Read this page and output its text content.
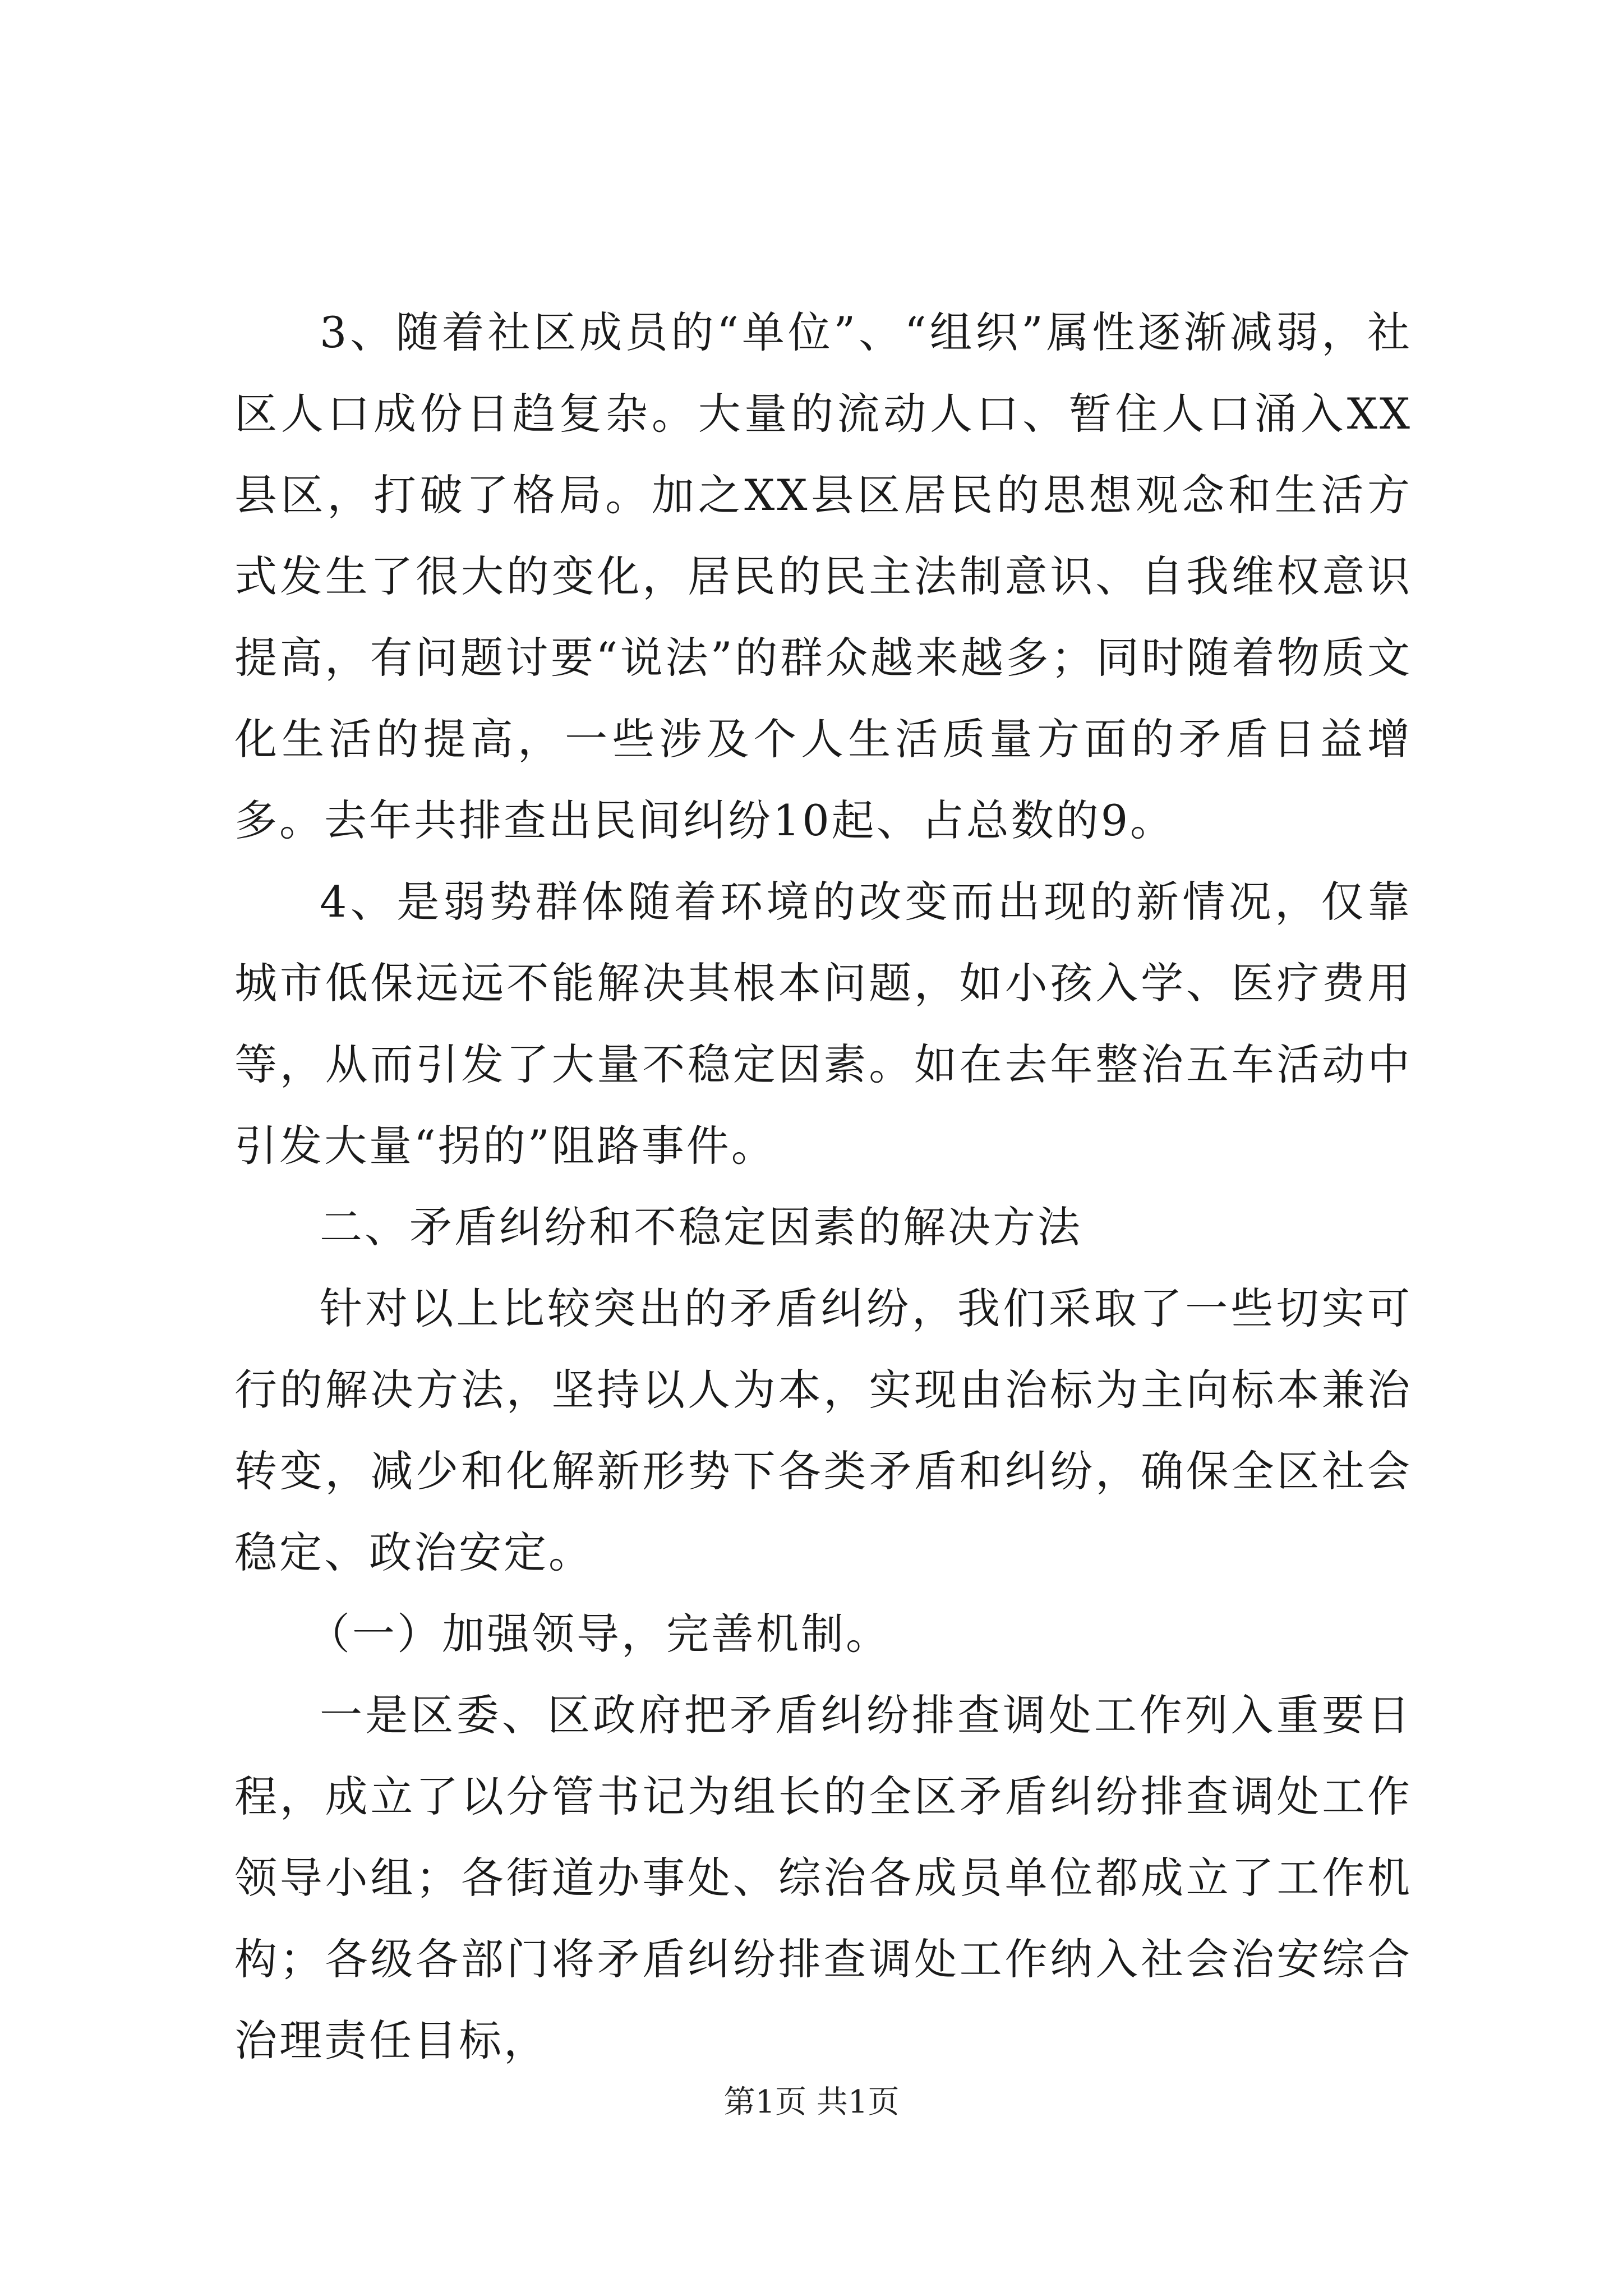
3、随着社区成员的“单位”、“组织”属性逐渐减弱，社区人口成份日趋复杂。大量的流动人口、暂住人口涌入XX县区，打破了格局。加之XX县区居民的思想观念和生活方式发生了很大的变化，居民的民主法制意识、自我维权意识提高，有问题讨要“说法”的群众越来越多；同时随着物质文化生活的提高，一些涉及个人生活质量方面的矛盾日益增多。去年共排查出民间纠纷10起、占总数的9。

4、是弱势群体随着环境的改变而出现的新情况，仅靠城市低保远远不能解决其根本问题，如小孩入学、医疗费用等，从而引发了大量不稳定因素。如在去年整治五车活动中引发大量“拐的”阻路事件。

二、矛盾纠纷和不稳定因素的解决方法

针对以上比较突出的矛盾纠纷，我们采取了一些切实可行的解决方法，坚持以人为本，实现由治标为主向标本兼治转变，减少和化解新形势下各类矛盾和纠纷，确保全区社会稳定、政治安定。

（一）加强领导，完善机制。

一是区委、区政府把矛盾纠纷排查调处工作列入重要日程，成立了以分管书记为组长的全区矛盾纠纷排查调处工作领导小组；各街道办事处、综治各成员单位都成立了工作机构；各级各部门将矛盾纠纷排查调处工作纳入社会治安综合治理责任目标，

第1页 共1页
